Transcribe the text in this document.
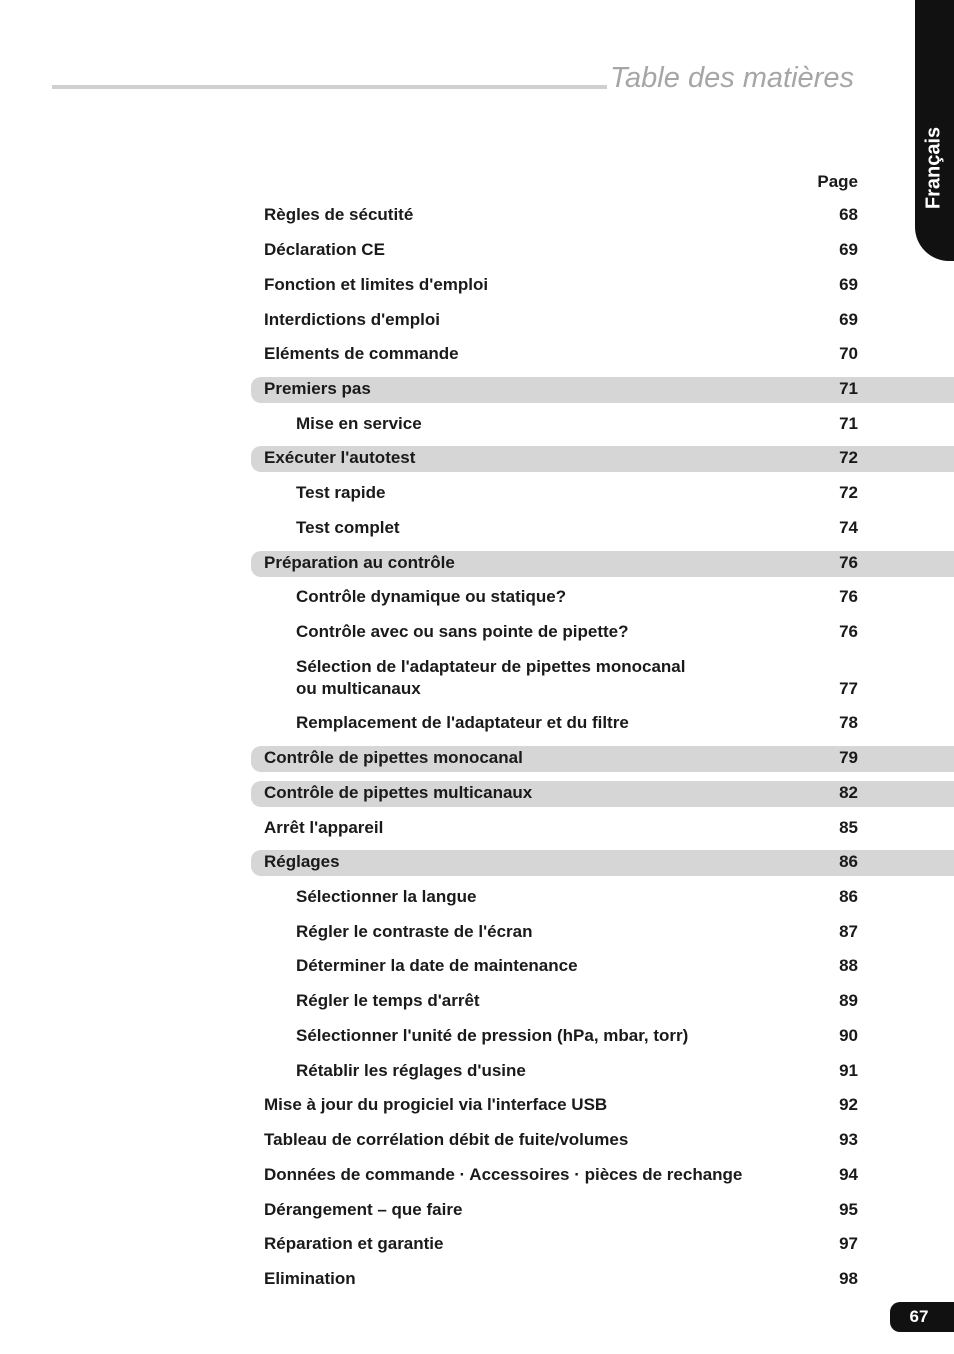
Table des matières
Français
Page
Règles de sécutité	68
Déclaration CE	69
Fonction et limites d'emploi	69
Interdictions d'emploi	69
Eléments de commande	70
Premiers pas	71
Mise en service	71
Exécuter l'autotest	72
Test rapide	72
Test complet	74
Préparation au contrôle	76
Contrôle dynamique ou statique?	76
Contrôle avec ou sans pointe de pipette?	76
Sélection de l'adaptateur de pipettes monocanal
ou multicanaux	77
Remplacement de l'adaptateur et du filtre	78
Contrôle de pipettes monocanal	79
Contrôle de pipettes multicanaux	82
Arrêt l'appareil	85
Réglages	86
Sélectionner la langue	86
Régler le contraste de l'écran	87
Déterminer la date de maintenance	88
Régler le temps d'arrêt	89
Sélectionner l'unité de pression (hPa, mbar, torr)	90
Rétablir les réglages d'usine	91
Mise à jour du progiciel via l'interface USB	92
Tableau de corrélation débit de fuite/volumes	93
Données de commande · Accessoires · pièces de rechange	94
Dérangement – que faire	95
Réparation et garantie	97
Elimination	98
67
